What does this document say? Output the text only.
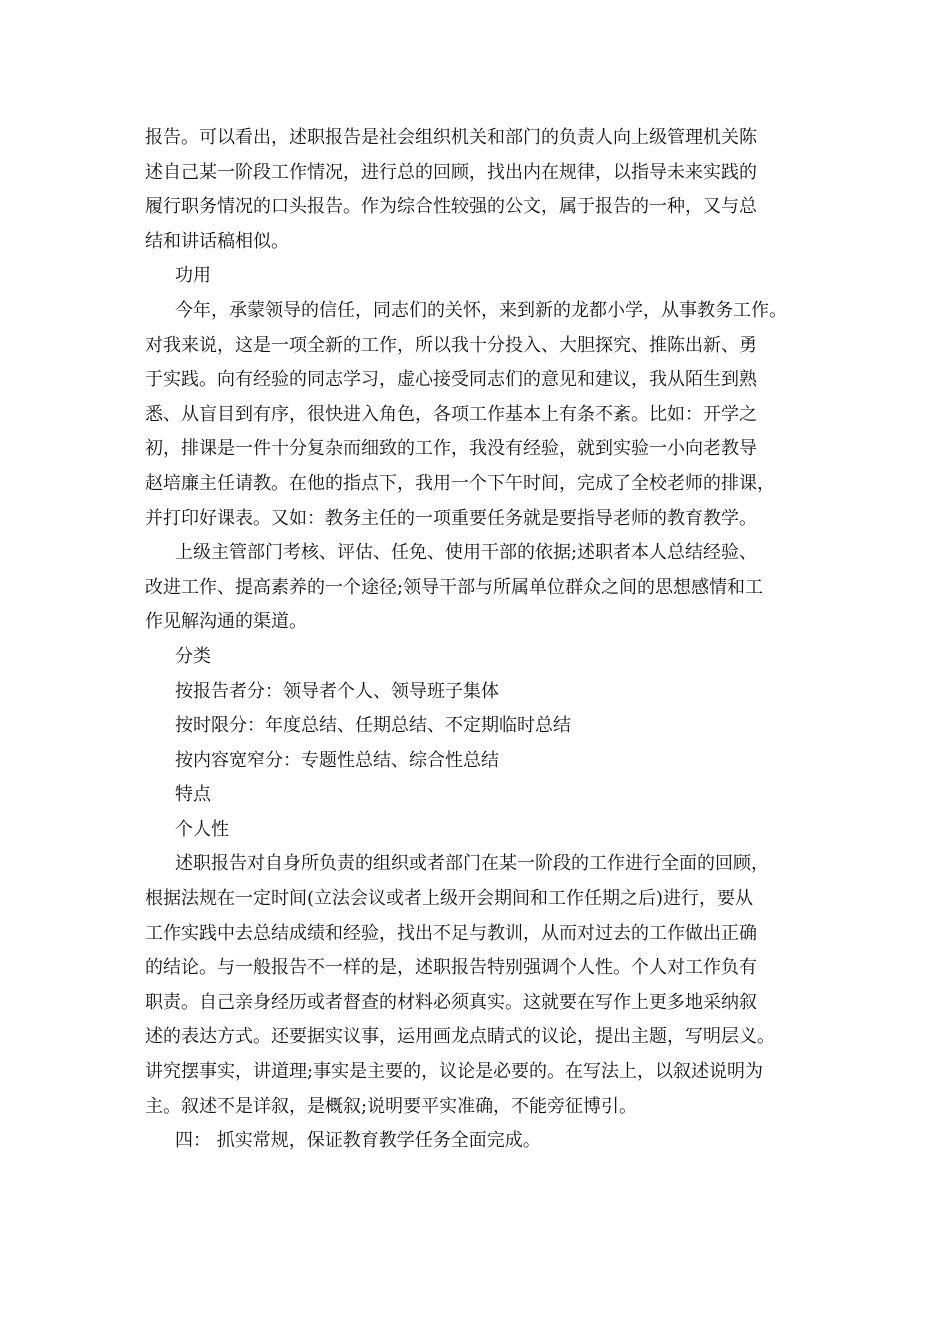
报告。可以看出，述职报告是社会组织机关和部门的负责人向上级管理机关陈
述自己某一阶段工作情况，进行总的回顾，找出内在规律，以指导未来实践的
履行职务情况的口头报告。作为综合性较强的公文，属于报告的一种，又与总
结和讲话稿相似。
功用
今年，承蒙领导的信任，同志们的关怀，来到新的龙都小学，从事教务工作。
对我来说，这是一项全新的工作，所以我十分投入、大胆探究、推陈出新、勇
于实践。向有经验的同志学习，虚心接受同志们的意见和建议，我从陌生到熟
悉、从盲目到有序，很快进入角色，各项工作基本上有条不紊。比如：开学之
初，排课是一件十分复杂而细致的工作，我没有经验，就到实验一小向老教导
赵培廉主任请教。在他的指点下，我用一个下午时间，完成了全校老师的排课，
并打印好课表。又如：教务主任的一项重要任务就是要指导老师的教育教学。
上级主管部门考核、评估、任免、使用干部的依据;述职者本人总结经验、
改进工作、提高素养的一个途径;领导干部与所属单位群众之间的思想感情和工
作见解沟通的渠道。
分类
按报告者分：领导者个人、领导班子集体
按时限分：年度总结、任期总结、不定期临时总结
按内容宽窄分：专题性总结、综合性总结
特点
个人性
述职报告对自身所负责的组织或者部门在某一阶段的工作进行全面的回顾，
根据法规在一定时间(立法会议或者上级开会期间和工作任期之后)进行，要从
工作实践中去总结成绩和经验，找出不足与教训，从而对过去的工作做出正确
的结论。与一般报告不一样的是，述职报告特别强调个人性。个人对工作负有
职责。自己亲身经历或者督查的材料必须真实。这就要在写作上更多地采纳叙
述的表达方式。还要据实议事，运用画龙点睛式的议论，提出主题，写明层义。
讲究摆事实，讲道理;事实是主要的，议论是必要的。在写法上，以叙述说明为
主。叙述不是详叙，是概叙;说明要平实准确，不能旁征博引。
四： 抓实常规，保证教育教学任务全面完成。
